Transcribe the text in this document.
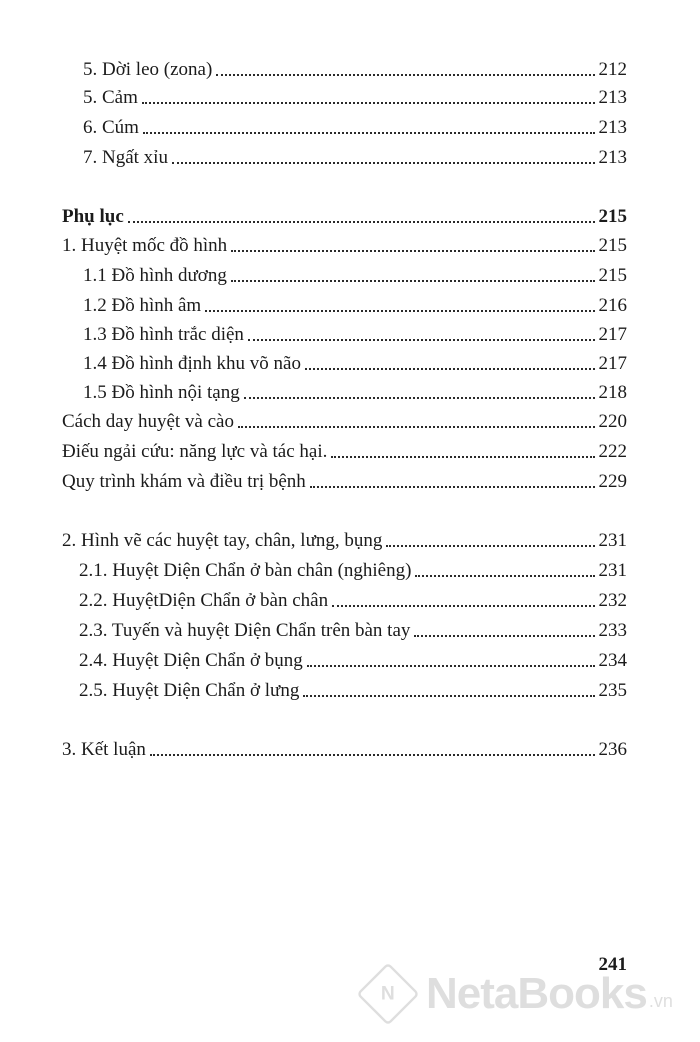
5. Dời leo (zona)	212
5. Cảm	213
6. Cúm	213
7. Ngất xỉu	213
Phụ lục	215
1. Huyệt mốc đồ hình	215
1.1 Đồ hình dương	215
1.2 Đồ hình âm	216
1.3 Đồ hình trắc diện	217
1.4 Đồ hình định khu võ não	217
1.5 Đồ hình nội tạng	218
Cách day huyệt và cào	220
Điếu ngải cứu: năng lực và tác hại.	222
Quy trình khám và điều trị bệnh	229
2. Hình vẽ các huyệt tay, chân, lưng, bụng	231
2.1. Huyệt Diện Chẩn ở bàn chân (nghiêng)	231
2.2. HuyệtDiện Chẩn ở bàn chân	232
2.3. Tuyến và huyệt Diện Chẩn trên bàn tay	233
2.4. Huyệt Diện Chẩn ở bụng	234
2.5. Huyệt Diện Chẩn ở lưng	235
3. Kết luận	236
241
N NetaBooks .vn
